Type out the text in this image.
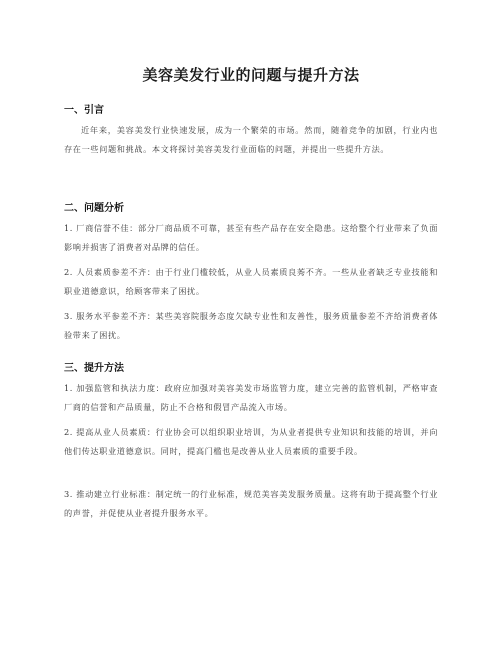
美容美发行业的问题与提升方法
一、引言
近年来，美容美发行业快速发展，成为一个繁荣的市场。然而，随着竞争的加剧，行业内也存在一些问题和挑战。本文将探讨美容美发行业面临的问题，并提出一些提升方法。
二、问题分析
1. 厂商信誉不佳：部分厂商品质不可靠，甚至有些产品存在安全隐患。这给整个行业带来了负面影响并损害了消费者对品牌的信任。
2. 人员素质参差不齐：由于行业门槛较低，从业人员素质良莠不齐。一些从业者缺乏专业技能和职业道德意识，给顾客带来了困扰。
3. 服务水平参差不齐：某些美容院服务态度欠缺专业性和友善性，服务质量参差不齐给消费者体验带来了困扰。
三、提升方法
1. 加强监管和执法力度：政府应加强对美容美发市场监管力度，建立完善的监管机制，严格审查厂商的信誉和产品质量，防止不合格和假冒产品流入市场。
2. 提高从业人员素质：行业协会可以组织职业培训，为从业者提供专业知识和技能的培训，并向他们传达职业道德意识。同时，提高门槛也是改善从业人员素质的重要手段。
3. 推动建立行业标准：制定统一的行业标准，规范美容美发服务质量。这将有助于提高整个行业的声誉，并促使从业者提升服务水平。
